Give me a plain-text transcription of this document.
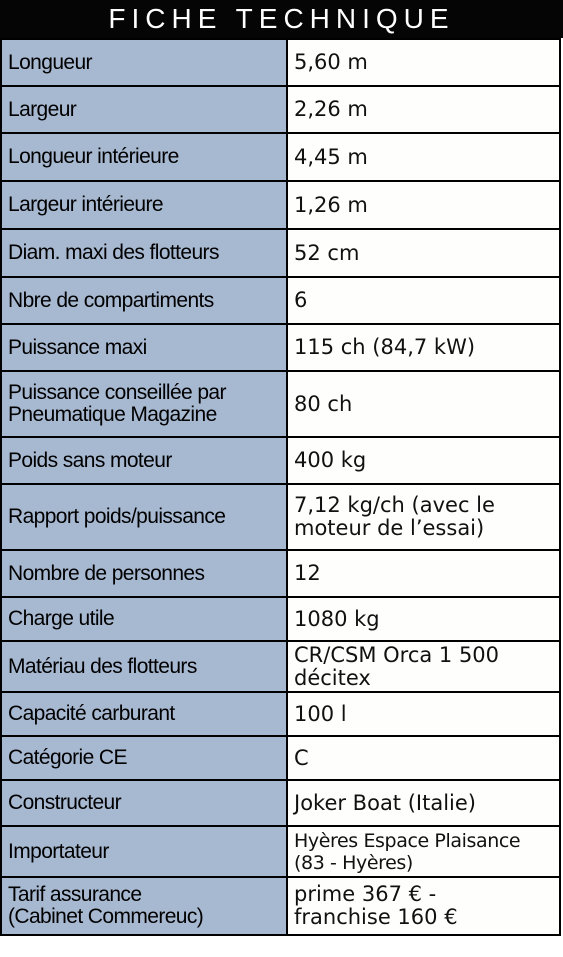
FICHE TECHNIQUE
Longueur	5,60 m

Largeur	2,26 m

Longueur intérieure	4,45 m

Largeur intérieure	1,26 m

Diam. maxi des flotteurs	52 cm

Nbre de compartiments	6

Puissance maxi	115 ch (84,7 kW)

Puissance conseillée par
Pneumatique Magazine	80 ch

Poids sans moteur	400 kg

Rapport poids/puissance	7,12 kg/ch (avec le
moteur de l’essai)

Nombre de personnes	12

Charge utile	1080 kg

Matériau des flotteurs	CR/CSM Orca 1 500
décitex

Capacité carburant	100 l

Catégorie CE	C

Constructeur	Joker Boat (Italie)

Importateur	Hyères Espace Plaisance
(83 - Hyères)

Tarif assurance
(Cabinet Commereuc)	prime 367 € -
franchise 160 €
